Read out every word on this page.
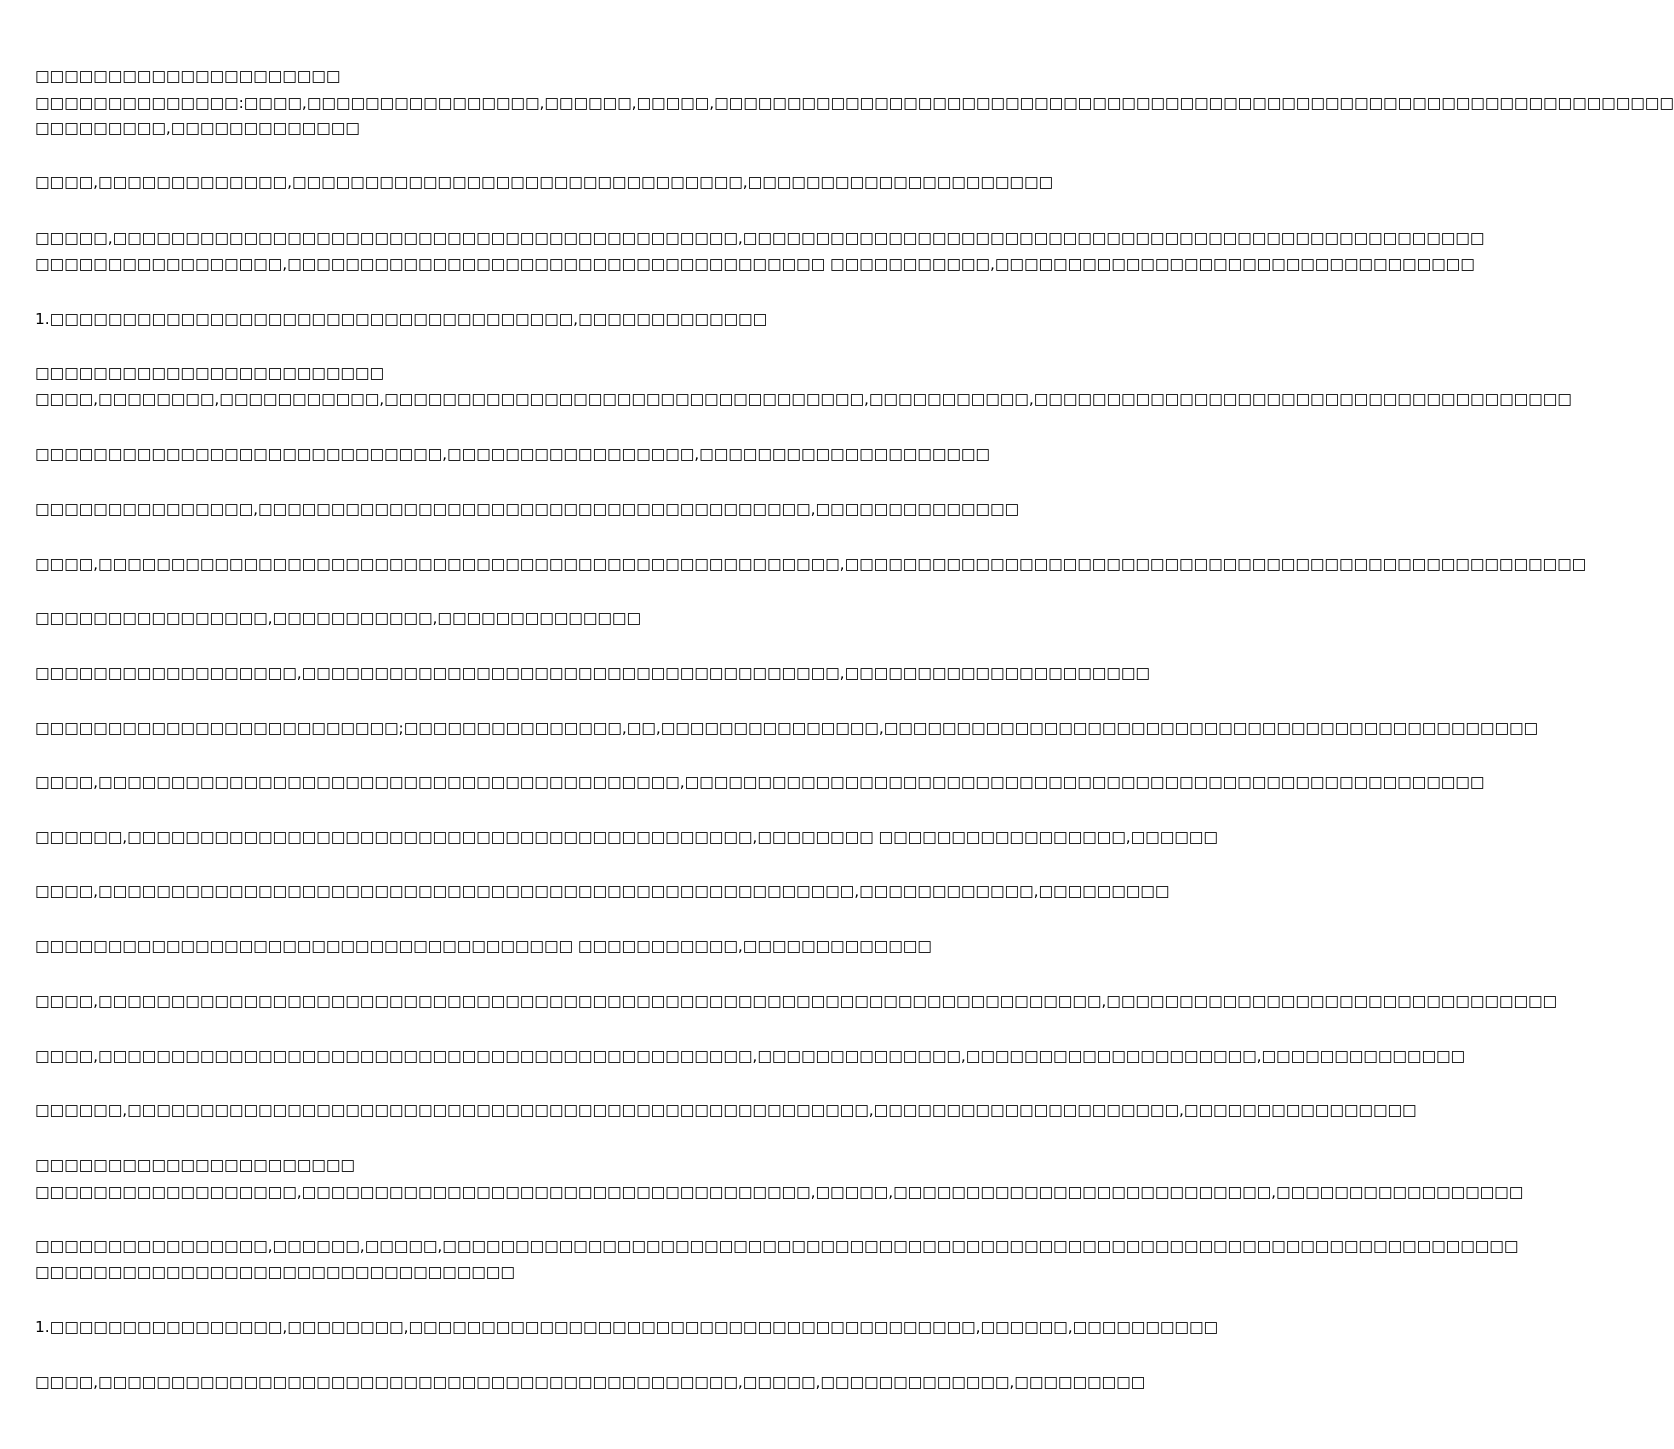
□□□□□□□□□□□□□□□□□□□□□
□□□□□□□□□□□□□□:□□□□,□□□□□□□□□□□□□□□□,□□□□□□,□□□□□,□□□□□□□□□□□□□□□□□□□□□□□□□□□□□□□□□□□□□□□□□□□□□□□□□□□□□□□□□□□□□□□□□□
□□□□□□□□□,□□□□□□□□□□□□□
□□□□,□□□□□□□□□□□□□,□□□□□□□□□□□□□□□□□□□□□□□□□□□□□□□,□□□□□□□□□□□□□□□□□□□□□
□□□□□,□□□□□□□□□□□□□□□□□□□□□□□□□□□□□□□□□□□□□□□□□□□,□□□□□□□□□□□□□□□□□□□□□□□□□□□□□□□□□□□□□□□□□□□□□□□□□□□
□□□□□□□□□□□□□□□□□,□□□□□□□□□□□□□□□□□□□□□□□□□□□□□□□□□□□□□ □□□□□□□□□□□,□□□□□□□□□□□□□□□□□□□□□□□□□□□□□□□□□
1.□□□□□□□□□□□□□□□□□□□□□□□□□□□□□□□□□□□□,□□□□□□□□□□□□□
□□□□□□□□□□□□□□□□□□□□□□□□
□□□□,□□□□□□□□,□□□□□□□□□□□,□□□□□□□□□□□□□□□□□□□□□□□□□□□□□□□□□,□□□□□□□□□□□,□□□□□□□□□□□□□□□□□□□□□□□□□□□□□□□□□□□□□
□□□□□□□□□□□□□□□□□□□□□□□□□□□□,□□□□□□□□□□□□□□□□□,□□□□□□□□□□□□□□□□□□□□
□□□□□□□□□□□□□□□,□□□□□□□□□□□□□□□□□□□□□□□□□□□□□□□□□□□□□□,□□□□□□□□□□□□□□
□□□□,□□□□□□□□□□□□□□□□□□□□□□□□□□□□□□□□□□□□□□□□□□□□□□□□□□□,□□□□□□□□□□□□□□□□□□□□□□□□□□□□□□□□□□□□□□□□□□□□□□□□□□□
□□□□□□□□□□□□□□□□,□□□□□□□□□□□,□□□□□□□□□□□□□□
□□□□□□□□□□□□□□□□□□,□□□□□□□□□□□□□□□□□□□□□□□□□□□□□□□□□□□□□,□□□□□□□□□□□□□□□□□□□□□
□□□□□□□□□□□□□□□□□□□□□□□□□;□□□□□□□□□□□□□□□,□□,□□□□□□□□□□□□□□□,□□□□□□□□□□□□□□□□□□□□□□□□□□□□□□□□□□□□□□□□□□□□□
□□□□,□□□□□□□□□□□□□□□□□□□□□□□□□□□□□□□□□□□□□□□□,□□□□□□□□□□□□□□□□□□□□□□□□□□□□□□□□□□□□□□□□□□□□□□□□□□□□□□□
□□□□□□,□□□□□□□□□□□□□□□□□□□□□□□□□□□□□□□□□□□□□□□□□□□,□□□□□□□□ □□□□□□□□□□□□□□□□□,□□□□□□
□□□□,□□□□□□□□□□□□□□□□□□□□□□□□□□□□□□□□□□□□□□□□□□□□□□□□□□□□,□□□□□□□□□□□□,□□□□□□□□□
□□□□□□□□□□□□□□□□□□□□□□□□□□□□□□□□□□□□□ □□□□□□□□□□□,□□□□□□□□□□□□□
□□□□,□□□□□□□□□□□□□□□□□□□□□□□□□□□□□□□□□□□□□□□□□□□□□□□□□□□□□□□□□□□□□□□□□□□□□,□□□□□□□□□□□□□□□□□□□□□□□□□□□□□□□
□□□□,□□□□□□□□□□□□□□□□□□□□□□□□□□□□□□□□□□□□□□□□□□□□□,□□□□□□□□□□□□□□,□□□□□□□□□□□□□□□□□□□□,□□□□□□□□□□□□□□
□□□□□□,□□□□□□□□□□□□□□□□□□□□□□□□□□□□□□□□□□□□□□□□□□□□□□□□□□□,□□□□□□□□□□□□□□□□□□□□□,□□□□□□□□□□□□□□□□
□□□□□□□□□□□□□□□□□□□□□□
□□□□□□□□□□□□□□□□□□,□□□□□□□□□□□□□□□□□□□□□□□□□□□□□□□□□□□,□□□□□,□□□□□□□□□□□□□□□□□□□□□□□□□□,□□□□□□□□□□□□□□□□□
□□□□□□□□□□□□□□□□,□□□□□□,□□□□□,□□□□□□□□□□□□□□□□□□□□□□□□□□□□□□□□□□□□□□□□□□□□□□□□□□□□□□□□□□□□□□□□□□□□□□□□□□
□□□□□□□□□□□□□□□□□□□□□□□□□□□□□□□□□
1.□□□□□□□□□□□□□□□□,□□□□□□□□,□□□□□□□□□□□□□□□□□□□□□□□□□□□□□□□□□□□□□□□,□□□□□□,□□□□□□□□□□
□□□□,□□□□□□□□□□□□□□□□□□□□□□□□□□□□□□□□□□□□□□□□□□□□,□□□□□,□□□□□□□□□□□□□,□□□□□□□□□
